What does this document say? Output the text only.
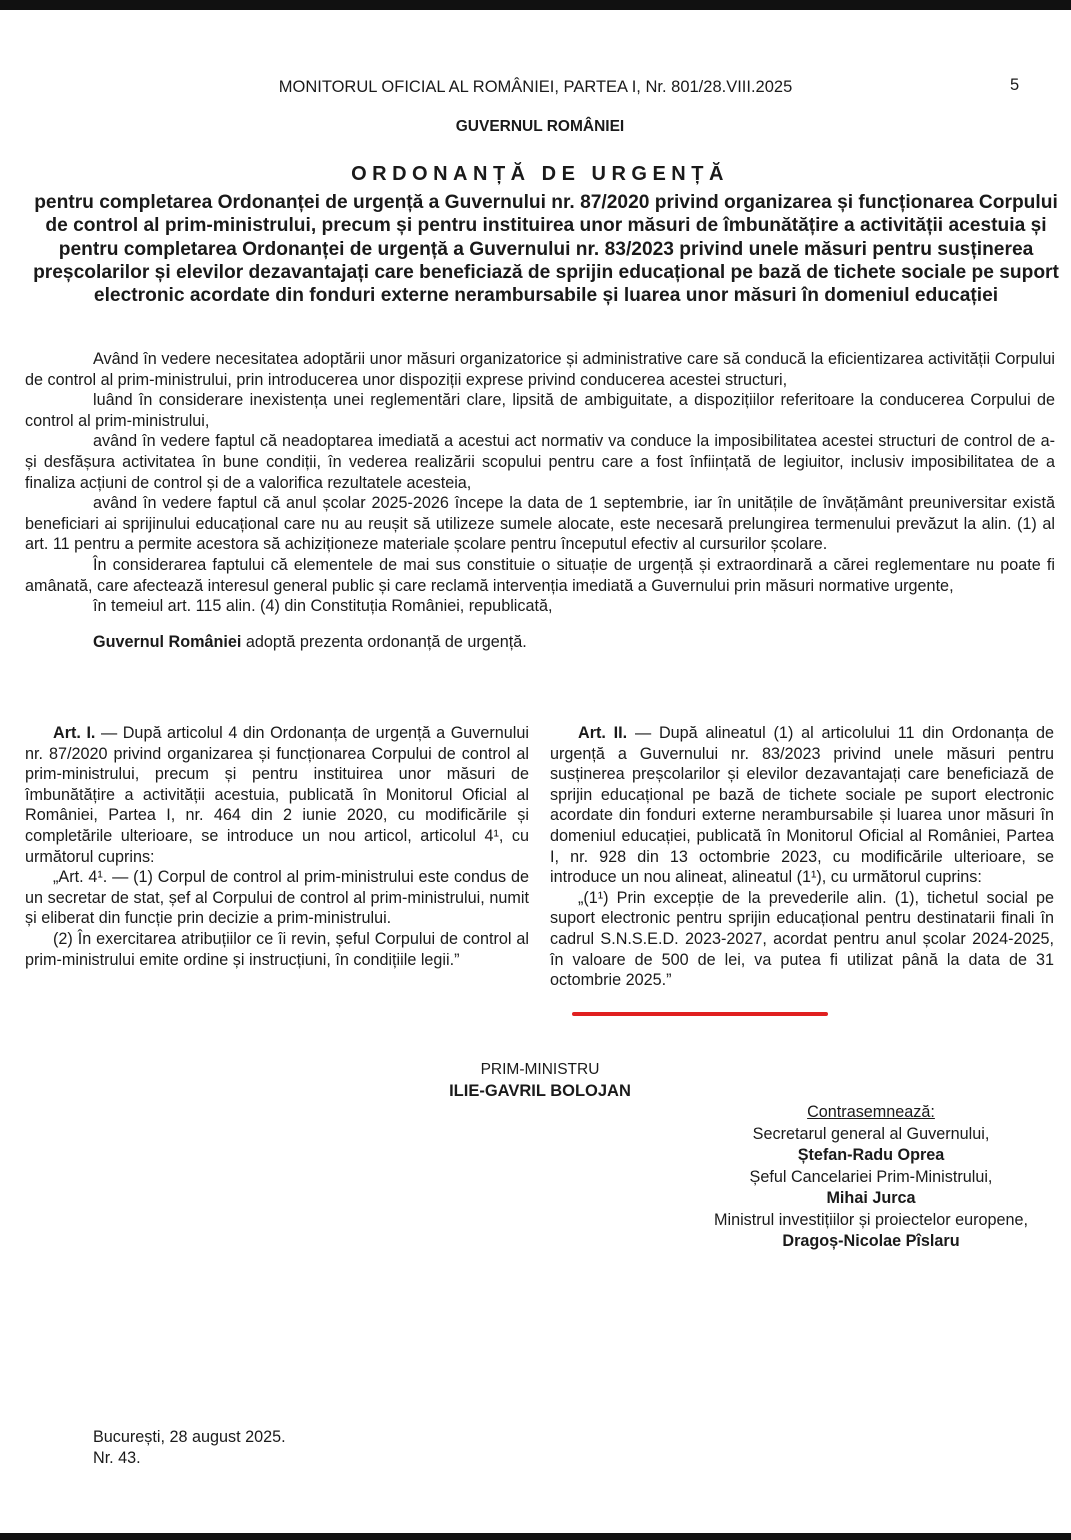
MONITORUL OFICIAL AL ROMÂNIEI, PARTEA I, Nr. 801/28.VIII.2025	5
GUVERNUL ROMÂNIEI
ORDONANȚĂ DE URGENȚĂ
pentru completarea Ordonanței de urgență a Guvernului nr. 87/2020 privind organizarea și funcționarea Corpului de control al prim-ministrului, precum și pentru instituirea unor măsuri de îmbunătățire a activității acestuia și pentru completarea Ordonanței de urgență a Guvernului nr. 83/2023 privind unele măsuri pentru susținerea preșcolarilor și elevilor dezavantajați care beneficiază de sprijin educațional pe bază de tichete sociale pe suport electronic acordate din fonduri externe nerambursabile și luarea unor măsuri în domeniul educației

Având în vedere necesitatea adoptării unor măsuri organizatorice și administrative care să conducă la eficientizarea activității Corpului de control al prim-ministrului, prin introducerea unor dispoziții exprese privind conducerea acestei structuri,

luând în considerare inexistența unei reglementări clare, lipsită de ambiguitate, a dispozițiilor referitoare la conducerea Corpului de control al prim-ministrului,

având în vedere faptul că neadoptarea imediată a acestui act normativ va conduce la imposibilitatea acestei structuri de control de a-și desfășura activitatea în bune condiții, în vederea realizării scopului pentru care a fost înființată de legiuitor, inclusiv imposibilitatea de a finaliza acțiuni de control și de a valorifica rezultatele acesteia,

având în vedere faptul că anul școlar 2025-2026 începe la data de 1 septembrie, iar în unitățile de învățământ preuniversitar există beneficiari ai sprijinului educațional care nu au reușit să utilizeze sumele alocate, este necesară prelungirea termenului prevăzut la alin. (1) al art. 11 pentru a permite acestora să achiziționeze materiale școlare pentru începutul efectiv al cursurilor școlare.

În considerarea faptului că elementele de mai sus constituie o situație de urgență și extraordinară a cărei reglementare nu poate fi amânată, care afectează interesul general public și care reclamă intervenția imediată a Guvernului prin măsuri normative urgente,

în temeiul art. 115 alin. (4) din Constituția României, republicată,

Guvernul României adoptă prezenta ordonanță de urgență.

Art. I. — După articolul 4 din Ordonanța de urgență a Guvernului nr. 87/2020 privind organizarea și funcționarea Corpului de control al prim-ministrului, precum și pentru instituirea unor măsuri de îmbunătățire a activității acestuia, publicată în Monitorul Oficial al României, Partea I, nr. 464 din 2 iunie 2020, cu modificările și completările ulterioare, se introduce un nou articol, articolul 4¹, cu următorul cuprins:

„Art. 4¹. — (1) Corpul de control al prim-ministrului este condus de un secretar de stat, șef al Corpului de control al prim-ministrului, numit și eliberat din funcție prin decizie a prim-ministrului.

(2) În exercitarea atribuțiilor ce îi revin, șeful Corpului de control al prim-ministrului emite ordine și instrucțiuni, în condițiile legii.”

Art. II. — După alineatul (1) al articolului 11 din Ordonanța de urgență a Guvernului nr. 83/2023 privind unele măsuri pentru susținerea preșcolarilor și elevilor dezavantajați care beneficiază de sprijin educațional pe bază de tichete sociale pe suport electronic acordate din fonduri externe nerambursabile și luarea unor măsuri în domeniul educației, publicată în Monitorul Oficial al României, Partea I, nr. 928 din 13 octombrie 2023, cu modificările ulterioare, se introduce un nou alineat, alineatul (1¹), cu următorul cuprins:

„(1¹) Prin excepție de la prevederile alin. (1), tichetul social pe suport electronic pentru sprijin educațional pentru destinatarii finali în cadrul S.N.S.E.D. 2023-2027, acordat pentru anul școlar 2024-2025, în valoare de 500 de lei, va putea fi utilizat până la data de 31 octombrie 2025.”

PRIM-MINISTRU
ILIE-GAVRIL BOLOJAN
Contrasemnează:
Secretarul general al Guvernului,
Ștefan-Radu Oprea
Șeful Cancelariei Prim-Ministrului,
Mihai Jurca
Ministrul investițiilor și proiectelor europene,
Dragoș-Nicolae Pîslaru
București, 28 august 2025.
Nr. 43.
